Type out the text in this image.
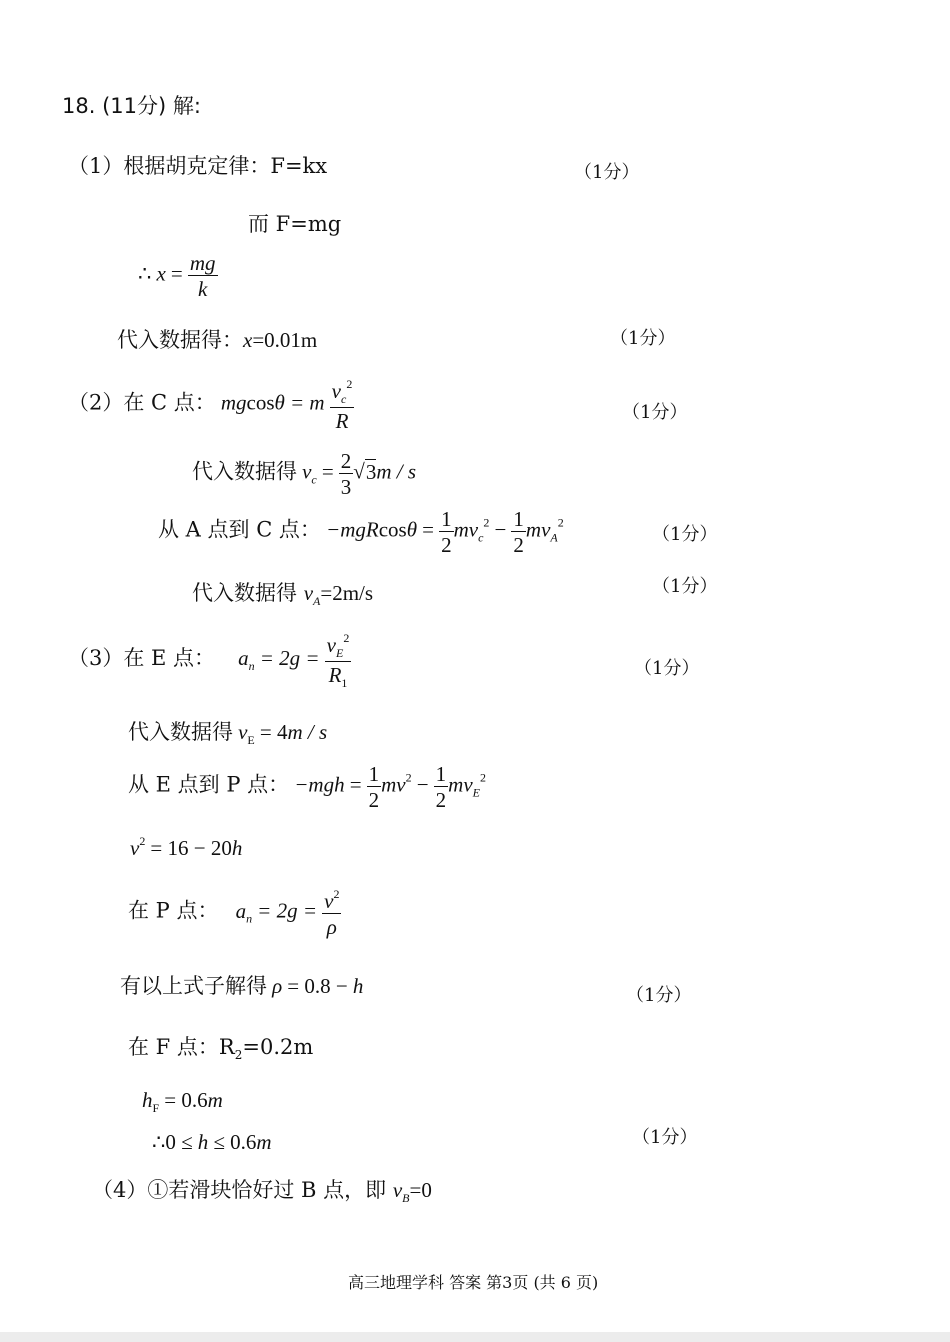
18. (11分) 解:
（1）根据胡克定律：F=kx	（1分）
而 F=mg
∴ $x = \frac{mg}{k}$
代入数据得：x=0.01m	（1分）
（2）在 C 点： mgcosθ = m $\frac{v_c^2}{R}$	（1分）
代入数据得 $v_c = \frac{2}{3} √3m / s$
从 A 点到 C 点： $-mgRcos\theta = \frac{1}{2} mv_c^2 - \frac{1}{2} mv_A^2$
（1分）
代入数据得 $v_A=2m/s$	（1分）
（3）在 E 点： $a_n = 2g = \frac{v_E^2}{R_1}$	（1分）
代入数据得 $v_E = 4m / s$
从 E 点到 P 点： $-mgh = \frac{1}{2} mv^2 - \frac{1}{2} mv_E^2$
$v^2 = 16 - 20h$
在 P 点： $a_n = 2g = \frac{v^2}{\rho}$
有以上式子解得 ρ = 0.8 − h	（1分）
在 F 点：$R_2=0.2m$
$h_F = 0.6m$
∴0 ≤ h ≤ 0.6m	（1分）
（4）①若滑块恰好过 B 点，即 $v_B=0$
高三地理学科 答案 第3页 (共 6 页)
